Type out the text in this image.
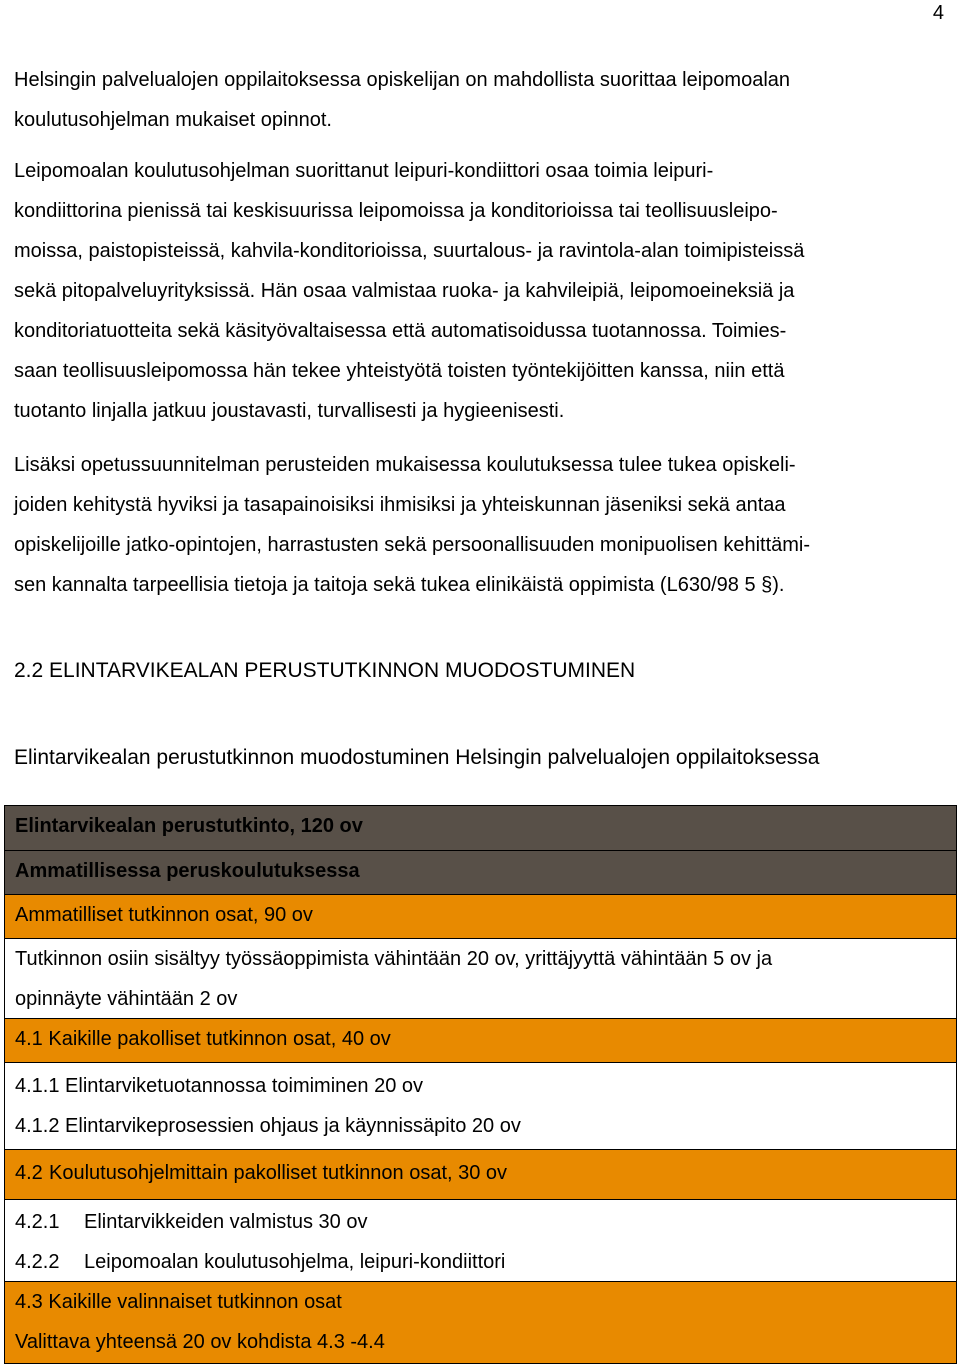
4

Helsingin palvelualojen oppilaitoksessa opiskelijan on mahdollista suorittaa leipomoalan
koulutusohjelman mukaiset opinnot.

Leipomoalan koulutusohjelman suorittanut leipuri-kondiittori osaa toimia leipuri-
kondiittorina pienissä tai keskisuurissa leipomoissa ja konditorioissa tai teollisuusleipo-
moissa, paistopisteissä, kahvila-konditorioissa, suurtalous- ja ravintola-alan toimipisteissä
sekä pitopalveluyrityksissä. Hän osaa valmistaa ruoka- ja kahvileipiä, leipomoeineksiä ja
konditoriatuotteita sekä käsityövaltaisessa että automatisoidussa tuotannossa. Toimies-
saan teollisuusleipomossa hän tekee yhteistyötä toisten työntekijöitten kanssa, niin että
tuotanto linjalla jatkuu joustavasti, turvallisesti ja hygieenisesti.

Lisäksi opetussuunnitelman perusteiden mukaisessa koulutuksessa tulee tukea opiskeli-
joiden kehitystä hyviksi ja tasapainoisiksi ihmisiksi ja yhteiskunnan jäseniksi sekä antaa
opiskelijoille jatko-opintojen, harrastusten sekä persoonallisuuden monipuolisen kehittämi-
sen kannalta tarpeellisia tietoja ja taitoja sekä tukea elinikäistä oppimista (L630/98 5 §).

2.2 ELINTARVIKEALAN PERUSTUTKINNON MUODOSTUMINEN

Elintarvikealan perustutkinnon muodostuminen Helsingin palvelualojen oppilaitoksessa

Elintarvikealan perustutkinto, 120 ov
Ammatillisessa peruskoulutuksessa
Ammatilliset tutkinnon osat, 90 ov
Tutkinnon osiin sisältyy työssäoppimista vähintään 20 ov, yrittäjyyttä vähintään 5 ov ja
opinnäyte vähintään 2 ov
4.1 Kaikille pakolliset tutkinnon osat, 40 ov
4.1.1 Elintarviketuotannossa toimiminen 20 ov
4.1.2 Elintarvikeprosessien ohjaus ja käynnissäpito 20 ov
4.2 Koulutusohjelmittain pakolliset tutkinnon osat, 30 ov
4.2.1 Elintarvikkeiden valmistus 30 ov
4.2.2 Leipomoalan koulutusohjelma, leipuri-kondiittori
4.3 Kaikille valinnaiset tutkinnon osat
Valittava yhteensä 20 ov kohdista 4.3 -4.4
